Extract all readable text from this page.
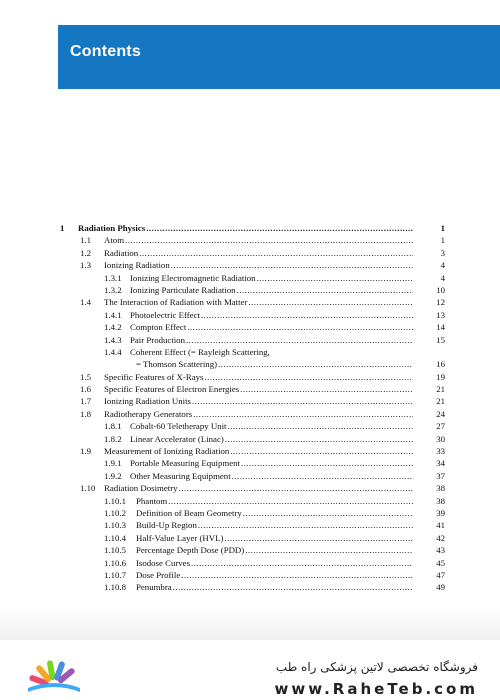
Contents
1 Radiation Physics .....	1
1.1 Atom .....	1
1.2 Radiation .....	3
1.3 Ionizing Radiation .....	4
1.3.1 Ionizing Electromagnetic Radiation .....	4
1.3.2 Ionizing Particulate Radiation .....	10
1.4 The Interaction of Radiation with Matter .....	12
1.4.1 Photoelectric Effect .....	13
1.4.2 Compton Effect .....	14
1.4.3 Pair Production .....	15
1.4.4 Coherent Effect (= Rayleigh Scattering,
= Thomson Scattering) .....	16
1.5 Specific Features of X-Rays .....	19
1.6 Specific Features of Electron Energies .....	21
1.7 Ionizing Radiation Units .....	21
1.8 Radiotherapy Generators .....	24
1.8.1 Cobalt-60 Teletherapy Unit .....	27
1.8.2 Linear Accelerator (Linac) .....	30
1.9 Measurement of Ionizing Radiation .....	33
1.9.1 Portable Measuring Equipment .....	34
1.9.2 Other Measuring Equipment .....	37
1.10 Radiation Dosimetry .....	38
1.10.1 Phantom .....	38
1.10.2 Definition of Beam Geometry .....	39
1.10.3 Build-Up Region .....	41
1.10.4 Half-Value Layer (HVL) .....	42
1.10.5 Percentage Depth Dose (PDD) .....	43
1.10.6 Isodose Curves .....	45
1.10.7 Dose Profile .....	47
1.10.8 Penumbra .....	49
فروشگاه تخصصی لاتین پزشکی راه طب
www.RaheTeb.com
